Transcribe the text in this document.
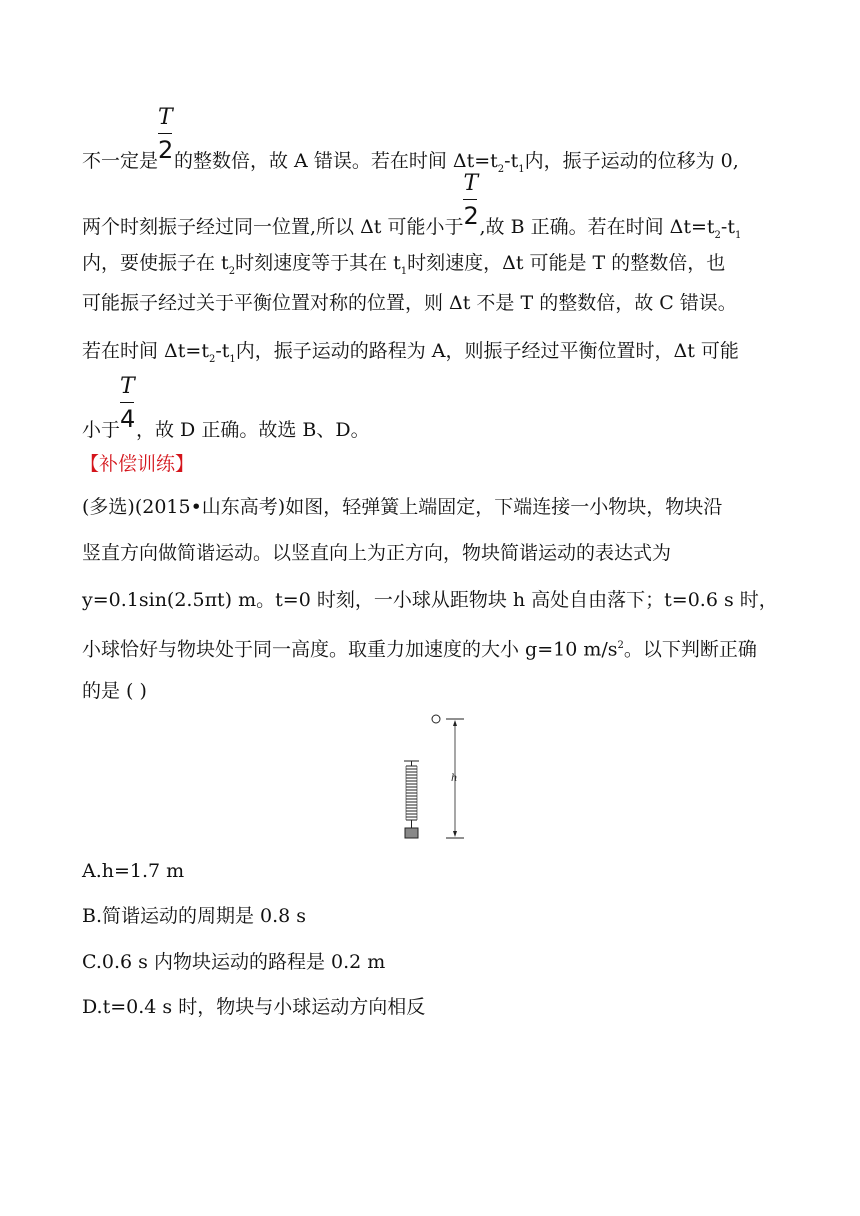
不一定是 $\frac{T}{2}$ 的整数倍，故 A 错误。若在时间 $\Delta t=t_2-t_1$内，振子运动的位移为 0,
两个时刻振子经过同一位置,所以 Δt 可能小于 $\frac{T}{2}$ ,故 B 正确。若在时间 $\Delta t=t_2-t_1$
内，要使振子在 $t_2$时刻速度等于其在 $t_1$时刻速度，Δt 可能是 T 的整数倍，也
可能振子经过关于平衡位置对称的位置，则 Δt 不是 T 的整数倍，故 C 错误。
若在时间 $\Delta t=t_2-t_1$内，振子运动的路程为 A，则振子经过平衡位置时，Δt 可能
小于 $\frac{T}{4}$ ，故 D 正确。故选 B、D。
【补偿训练】
(多选)(2015•山东高考)如图，轻弹簧上端固定，下端连接一小物块，物块沿
竖直方向做简谐运动。以竖直向上为正方向，物块简谐运动的表达式为
y=0.1sin(2.5πt) m。t=0 时刻，一小球从距物块 h 高处自由落下；t=0.6 s 时，
小球恰好与物块处于同一高度。取重力加速度的大小 g=10 $m/s^2$。以下判断正确
的是 ( )
h
A.h=1.7 m
B.简谐运动的周期是 0.8 s
C.0.6 s 内物块运动的路程是 0.2 m
D.t=0.4 s 时，物块与小球运动方向相反
